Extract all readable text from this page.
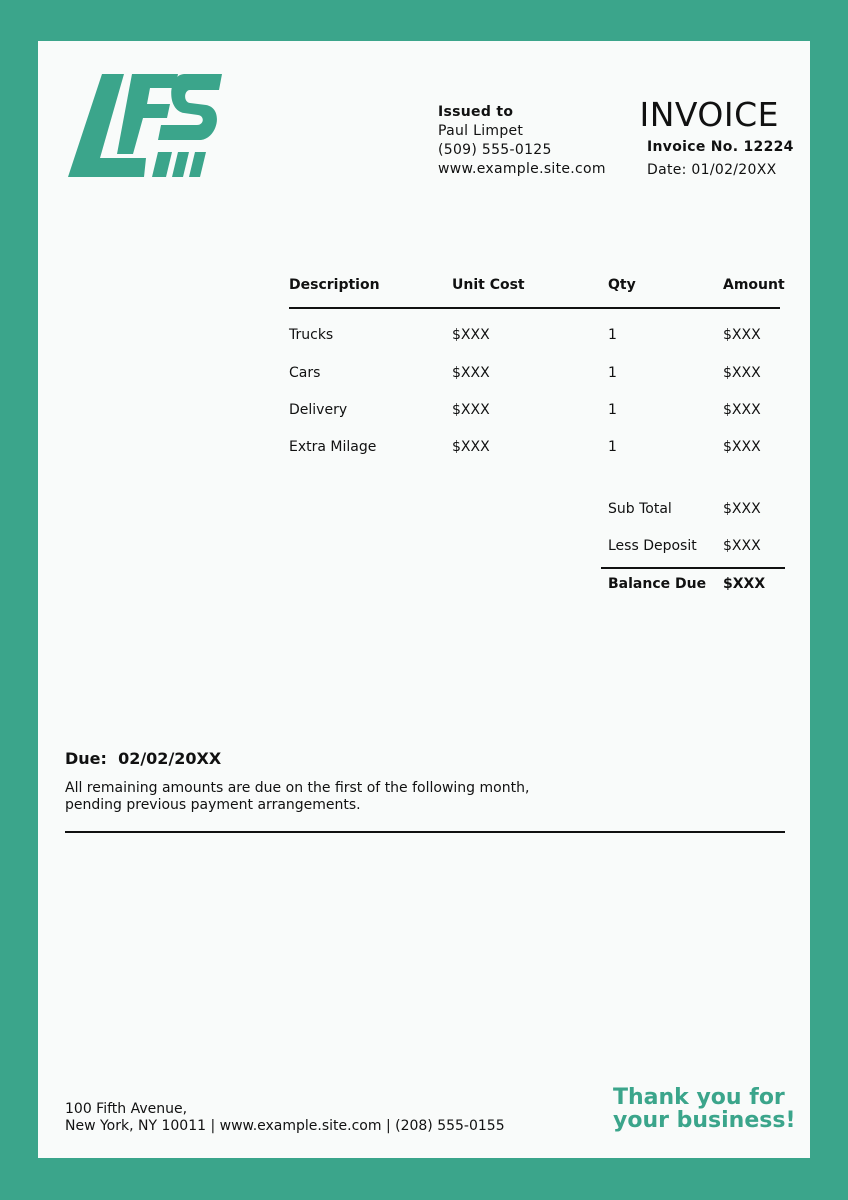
Issued to
Paul Limpet
(509) 555-0125
www.example.site.com
INVOICE
Invoice No. 12224
Date: 01/02/20XX
Description	Unit Cost	Qty	Amount
Trucks	$XXX	1	$XXX
Cars	$XXX	1	$XXX
Delivery	$XXX	1	$XXX
Extra Milage	$XXX	1	$XXX
Sub Total	$XXX
Less Deposit $XXX
Balance Due $XXX
Due:  02/02/20XX
All remaining amounts are due on the first of the following month,
pending previous payment arrangements.
100 Fifth Avenue,
New York, NY 10011 | www.example.site.com | (208) 555-0155
Thank you for
your business!
